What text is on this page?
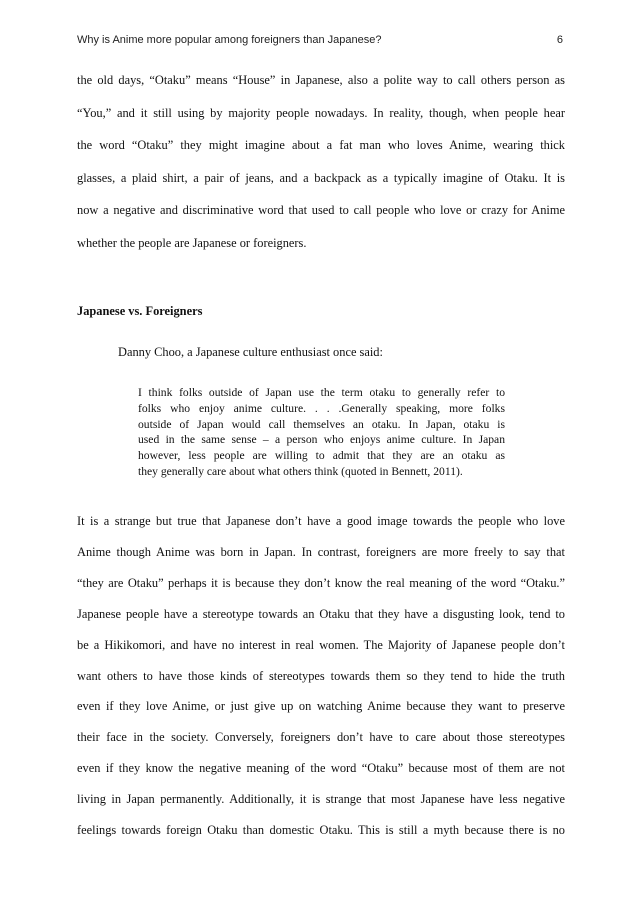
Why is Anime more popular among foreigners than Japanese?	6
the old days, “Otaku” means “House” in Japanese, also a polite way to call others person as
“You,” and it still using by majority people nowadays. In reality, though, when people hear
the word “Otaku” they might imagine about a fat man who loves Anime, wearing thick
glasses, a plaid shirt, a pair of jeans, and a backpack as a typically imagine of Otaku. It is
now a negative and discriminative word that used to call people who love or crazy for Anime
whether the people are Japanese or foreigners.
Japanese vs. Foreigners
Danny Choo, a Japanese culture enthusiast once said:
I think folks outside of Japan use the term otaku to generally refer to
folks who enjoy anime culture. . . .Generally speaking, more folks
outside of Japan would call themselves an otaku. In Japan, otaku is
used in the same sense – a person who enjoys anime culture. In Japan
however, less people are willing to admit that they are an otaku as
they generally care about what others think (quoted in Bennett, 2011).
It is a strange but true that Japanese don’t have a good image towards the people who love
Anime though Anime was born in Japan. In contrast, foreigners are more freely to say that
“they are Otaku” perhaps it is because they don’t know the real meaning of the word “Otaku.”
Japanese people have a stereotype towards an Otaku that they have a disgusting look, tend to
be a Hikikomori, and have no interest in real women. The Majority of Japanese people don’t
want others to have those kinds of stereotypes towards them so they tend to hide the truth
even if they love Anime, or just give up on watching Anime because they want to preserve
their face in the society. Conversely, foreigners don’t have to care about those stereotypes
even if they know the negative meaning of the word “Otaku” because most of them are not
living in Japan permanently. Additionally, it is strange that most Japanese have less negative
feelings towards foreign Otaku than domestic Otaku. This is still a myth because there is no
